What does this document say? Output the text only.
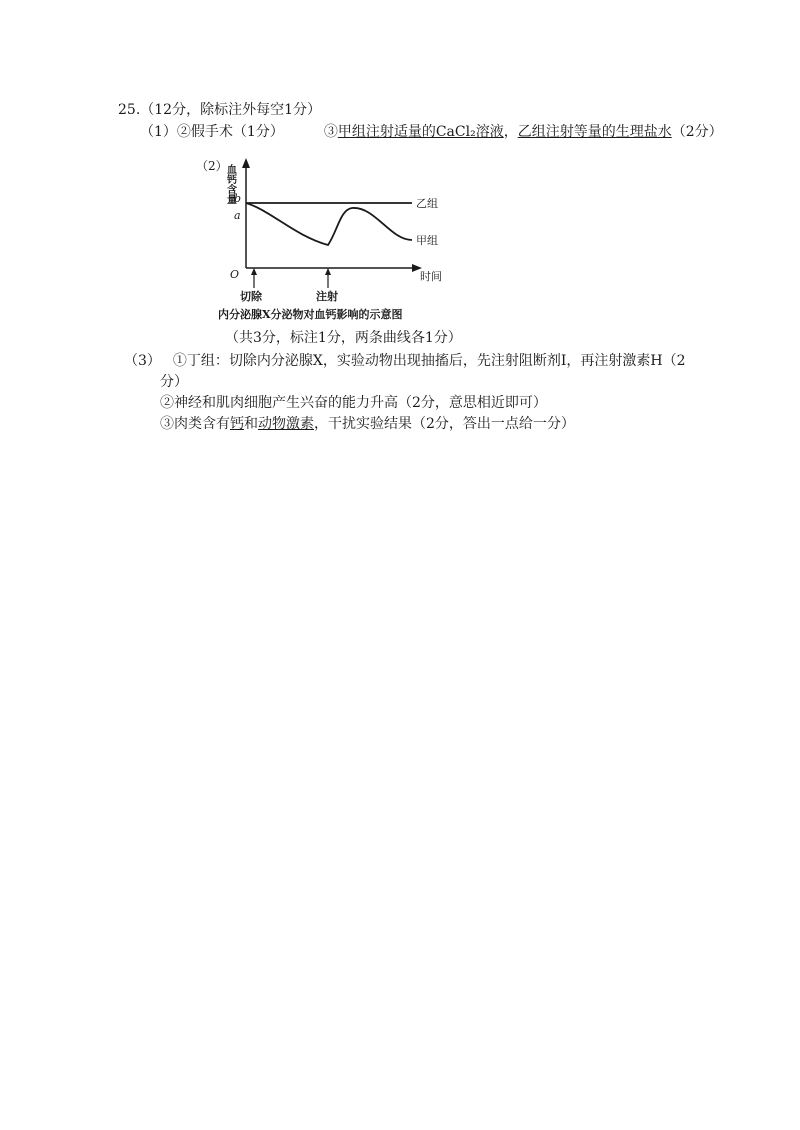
25.（12分，除标注外每空1分）
（1）②假手术（1分）	③甲组注射适量的CaCl₂溶液，乙组注射等量的生理盐水（2分）
（2）
血钙含量
b
a
O
乙组
甲组
时间
切除	注射
内分泌腺X分泌物对血钙影响的示意图
（共3分，标注1分，两条曲线各1分）
（3） ①丁组：切除内分泌腺X，实验动物出现抽搐后，先注射阻断剂I，再注射激素H（2
分）
②神经和肌肉细胞产生兴奋的能力升高（2分，意思相近即可）
③肉类含有钙和动物激素，干扰实验结果（2分，答出一点给一分）
